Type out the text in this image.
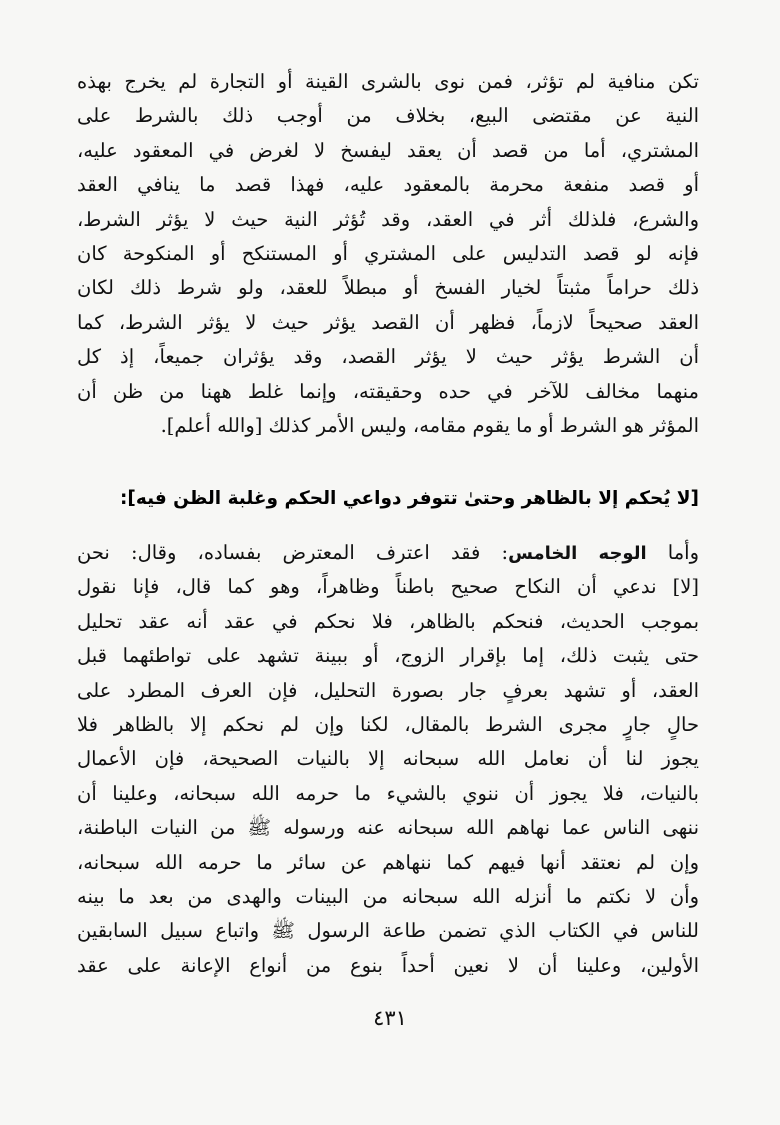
تكن منافية لم تؤثر، فمن نوى بالشرى القينة أو التجارة لم يخرج بهذه
النية عن مقتضى البيع، بخلاف من أوجب ذلك بالشرط على
المشتري، أما من قصد أن يعقد ليفسخ لا لغرض في المعقود عليه،
أو قصد منفعة محرمة بالمعقود عليه، فهذا قصد ما ينافي العقد
والشرع، فلذلك أثر في العقد، وقد تُؤثر النية حيث لا يؤثر الشرط،
فإنه لو قصد التدليس على المشتري أو المستنكح أو المنكوحة كان
ذلك حراماً مثبتاً لخيار الفسخ أو مبطلاً للعقد، ولو شرط ذلك لكان
العقد صحيحاً لازماً، فظهر أن القصد يؤثر حيث لا يؤثر الشرط، كما
أن الشرط يؤثر حيث لا يؤثر القصد، وقد يؤثران جميعاً، إذ كل
منهما مخالف للآخر في حده وحقيقته، وإنما غلط ههنا من ظن أن
المؤثر هو الشرط أو ما يقوم مقامه، وليس الأمر كذلك [والله أعلم].
[لا يُحكم إلا بالظاهر وحتىٰ تتوفر دواعي الحكم وغلبة الظن فيه]:
وأما الوجه الخامس: فقد اعترف المعترض بفساده، وقال: نحن
[لا] ندعي أن النكاح صحيح باطناً وظاهراً، وهو كما قال، فإنا نقول
بموجب الحديث، فنحكم بالظاهر، فلا نحكم في عقد أنه عقد تحليل
حتى يثبت ذلك، إما بإقرار الزوج، أو ببينة تشهد على تواطئهما قبل
العقد، أو تشهد بعرفٍ جار بصورة التحليل، فإن العرف المطرد على
حالٍ جارٍ مجرى الشرط بالمقال، لكنا وإن لم نحكم إلا بالظاهر فلا
يجوز لنا أن نعامل الله سبحانه إلا بالنيات الصحيحة، فإن الأعمال
بالنيات، فلا يجوز أن ننوي بالشيء ما حرمه الله سبحانه، وعلينا أن
ننهى الناس عما نهاهم الله سبحانه عنه ورسوله ﷺ من النيات الباطنة،
وإن لم نعتقد أنها فيهم كما ننهاهم عن سائر ما حرمه الله سبحانه،
وأن لا نكتم ما أنزله الله سبحانه من البينات والهدى من بعد ما بينه
للناس في الكتاب الذي تضمن طاعة الرسول ﷺ واتباع سبيل السابقين
الأولين، وعلينا أن لا نعين أحداً بنوع من أنواع الإعانة على عقد
٤٣١
